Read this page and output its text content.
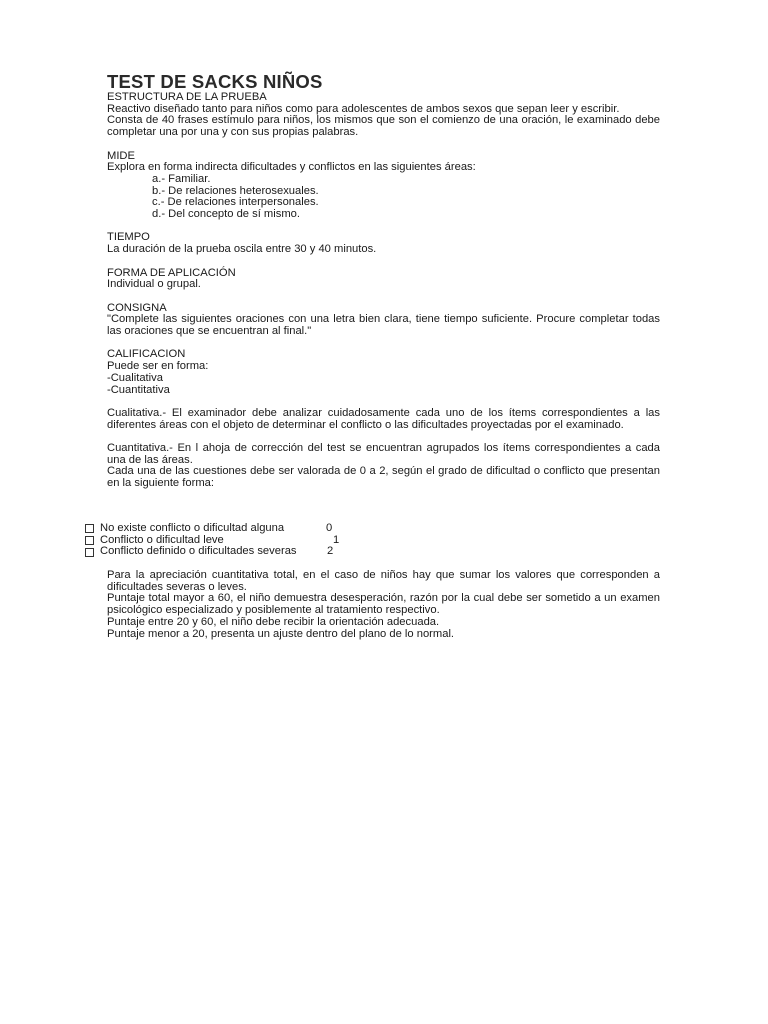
TEST DE SACKS NIÑOS

ESTRUCTURA DE LA PRUEBA

Reactivo diseñado tanto para niños como para adolescentes de ambos sexos que sepan leer y escribir.

Consta de 40 frases estímulo para niños, los mismos que son el comienzo de una oración, le examinado debe completar una por una y con sus propias palabras.

MIDE

Explora en forma indirecta dificultades y conflictos en las siguientes áreas:

a.- Familiar.

b.- De relaciones heterosexuales.

c.- De relaciones interpersonales.

d.- Del concepto de sí mismo.

TIEMPO

La duración de la prueba oscila entre 30 y 40 minutos.

FORMA DE APLICACIÓN

Individual o grupal.

CONSIGNA

"Complete las siguientes oraciones con una letra bien clara, tiene tiempo suficiente. Procure completar todas las oraciones que se encuentran al final."

CALIFICACION

Puede ser en forma:

-Cualitativa

-Cuantitativa

Cualitativa.- El examinador debe analizar cuidadosamente cada uno de los ítems correspondientes a las diferentes áreas con el objeto de determinar el conflicto o las dificultades proyectadas por el examinado.

Cuantitativa.- En l ahoja de corrección del test se encuentran agrupados los ítems correspondientes a cada una de las áreas.

Cada una de las cuestiones debe ser valorada de 0 a 2, según el grado de dificultad o conflicto que presentan en la siguiente forma:

No existe conflicto o dificultad alguna	0
Conflicto o dificultad leve	1
Conflicto definido o dificultades severas	2

Para la apreciación cuantitativa total, en el caso de niños hay que sumar los valores que corresponden a dificultades severas o leves.

Puntaje total mayor a 60, el niño demuestra desesperación, razón por la cual debe ser sometido a un examen psicológico especializado y posiblemente al tratamiento respectivo.

Puntaje entre 20 y 60, el niño debe recibir la orientación adecuada.

Puntaje menor a 20, presenta un ajuste dentro del plano de lo normal.
